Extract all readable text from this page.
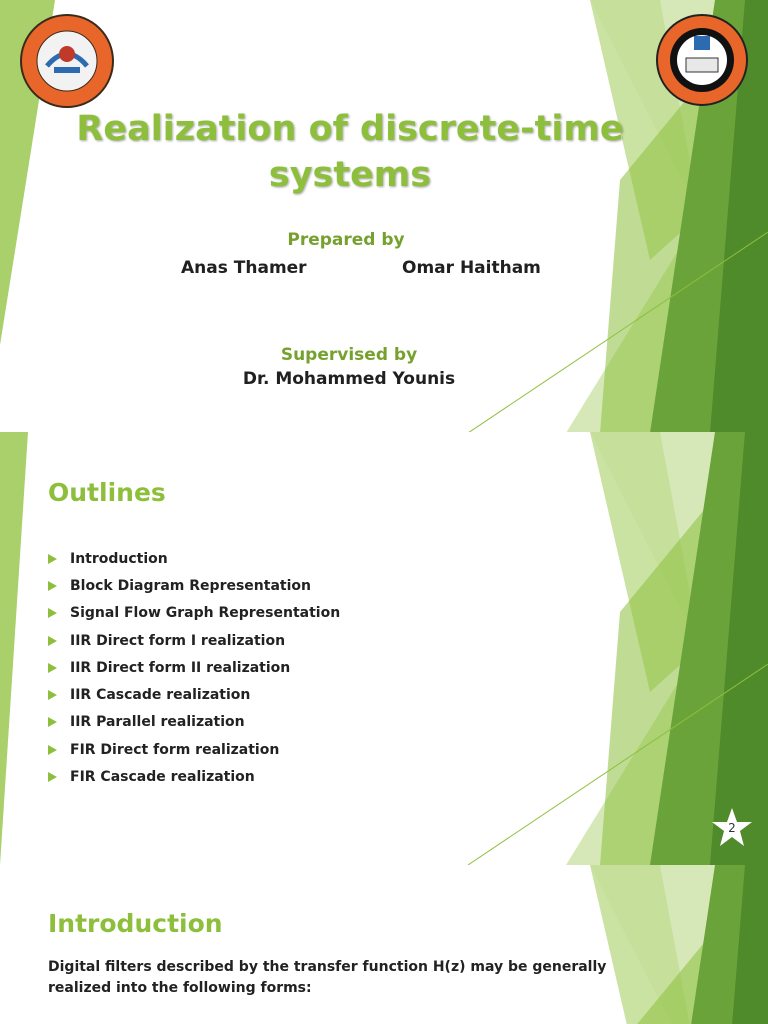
Realization of discrete-time systems
Prepared by
Anas Thamer	Omar Haitham
Supervised by
Dr. Mohammed Younis
Outlines
Introduction
Block Diagram Representation
Signal Flow Graph Representation
IIR Direct form I realization
IIR Direct form II realization
IIR Cascade realization
IIR Parallel realization
FIR Direct form realization
FIR Cascade realization
2
Introduction
Digital filters described by the transfer function H(z) may be generally realized into the following forms:
